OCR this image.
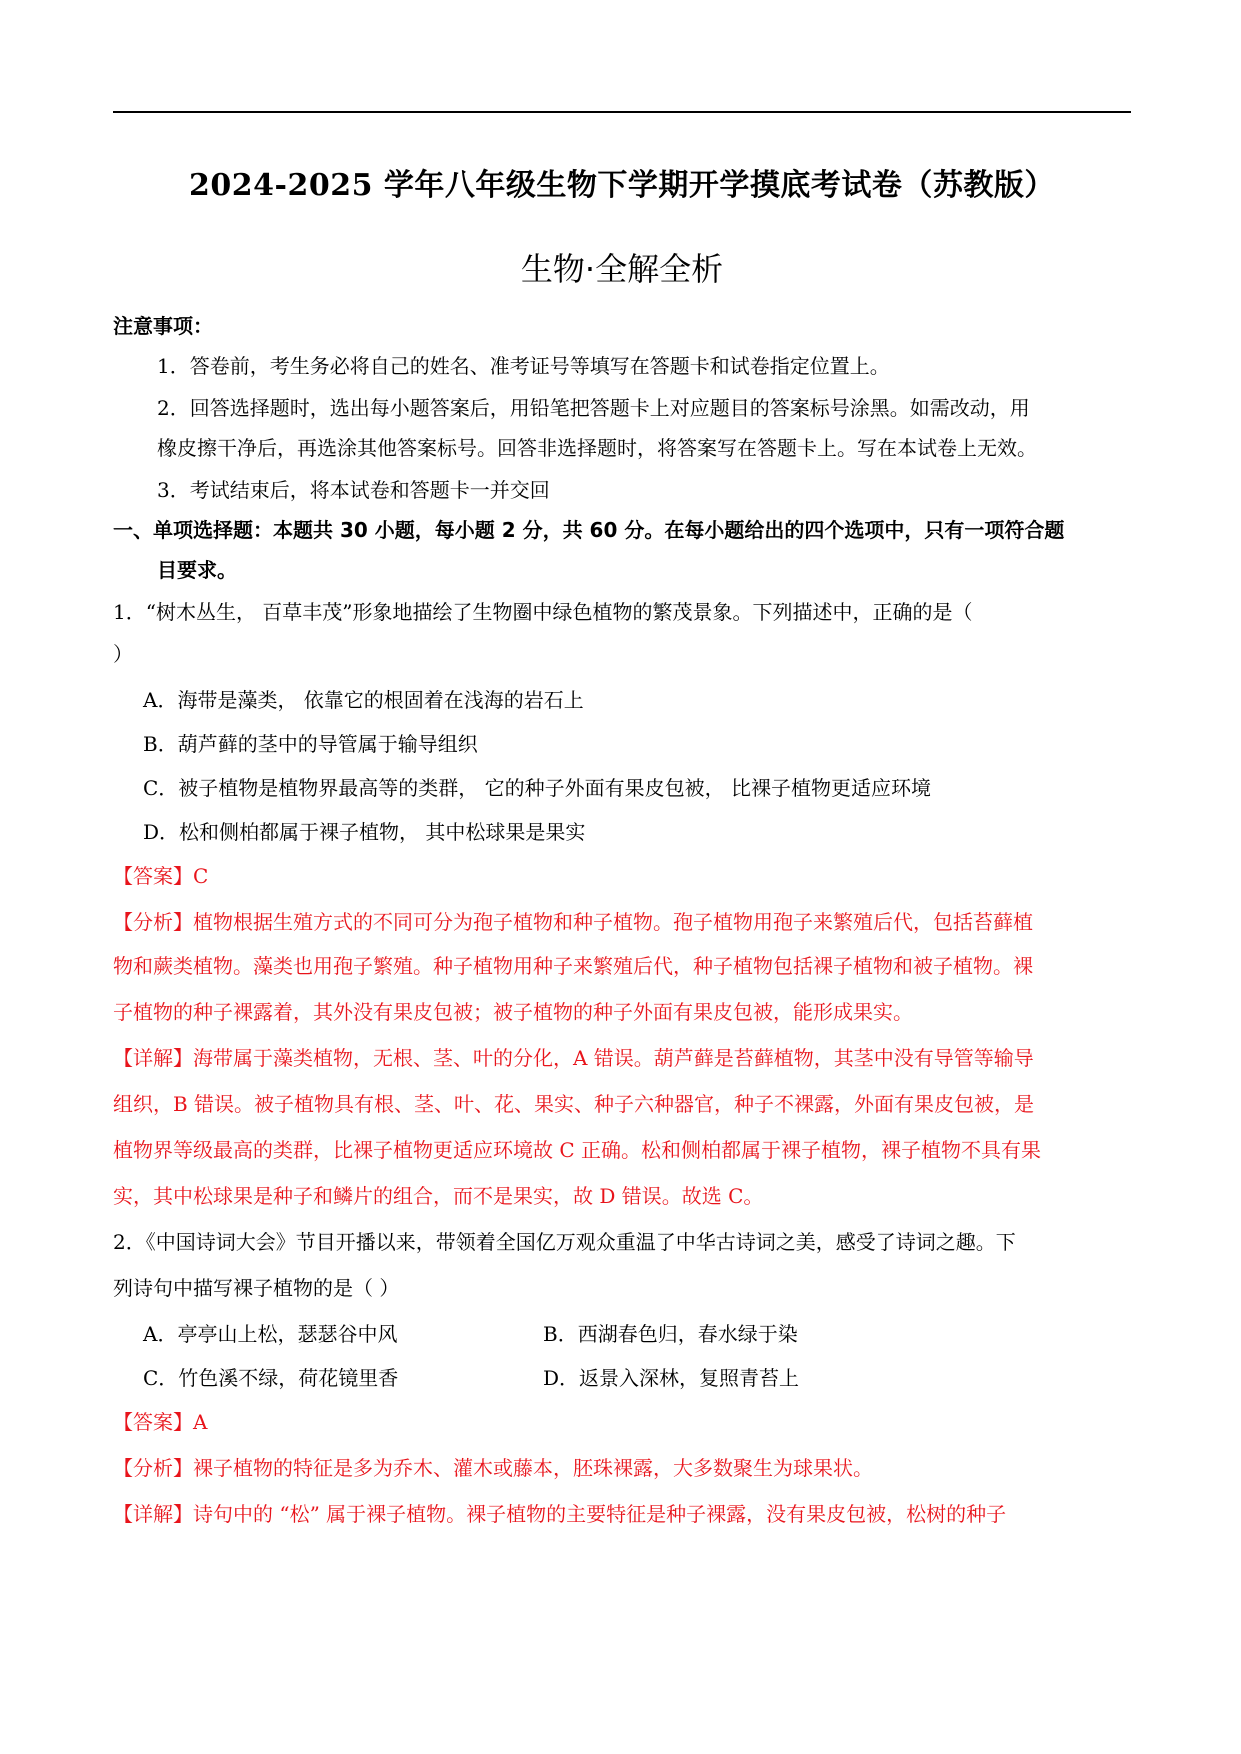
2024-2025 学年八年级生物下学期开学摸底考试卷（苏教版）
生物·全解全析
注意事项：
1．答卷前，考生务必将自己的姓名、准考证号等填写在答题卡和试卷指定位置上。
2．回答选择题时，选出每小题答案后，用铅笔把答题卡上对应题目的答案标号涂黑。如需改动，用
橡皮擦干净后，再选涂其他答案标号。回答非选择题时，将答案写在答题卡上。写在本试卷上无效。
3．考试结束后，将本试卷和答题卡一并交回
一、单项选择题：本题共 30 小题，每小题 2 分，共 60 分。在每小题给出的四个选项中，只有一项符合题
目要求。
1．“树木丛生， 百草丰茂”形象地描绘了生物圈中绿色植物的繁茂景象。下列描述中，正确的是（
）
A．海带是藻类， 依靠它的根固着在浅海的岩石上
B．葫芦藓的茎中的导管属于输导组织
C．被子植物是植物界最高等的类群， 它的种子外面有果皮包被， 比裸子植物更适应环境
D．松和侧柏都属于裸子植物， 其中松球果是果实
【答案】C
【分析】植物根据生殖方式的不同可分为孢子植物和种子植物。孢子植物用孢子来繁殖后代，包括苔藓植
物和蕨类植物。藻类也用孢子繁殖。种子植物用种子来繁殖后代，种子植物包括裸子植物和被子植物。裸
子植物的种子裸露着，其外没有果皮包被；被子植物的种子外面有果皮包被，能形成果实。
【详解】海带属于藻类植物，无根、茎、叶的分化，A 错误。葫芦藓是苔藓植物，其茎中没有导管等输导
组织，B 错误。被子植物具有根、茎、叶、花、果实、种子六种器官，种子不裸露，外面有果皮包被，是
植物界等级最高的类群，比裸子植物更适应环境故 C 正确。松和侧柏都属于裸子植物，裸子植物不具有果
实，其中松球果是种子和鳞片的组合，而不是果实，故 D 错误。故选 C。
2．《中国诗词大会》节目开播以来，带领着全国亿万观众重温了中华古诗词之美，感受了诗词之趣。下
列诗句中描写裸子植物的是（ ）
A．亭亭山上松，瑟瑟谷中风	B．西湖春色归，春水绿于染
C．竹色溪不绿，荷花镜里香	D．返景入深林，复照青苔上
【答案】A
【分析】裸子植物的特征是多为乔木、灌木或藤本，胚珠裸露，大多数聚生为球果状。
【详解】诗句中的 “松” 属于裸子植物。裸子植物的主要特征是种子裸露，没有果皮包被，松树的种子
